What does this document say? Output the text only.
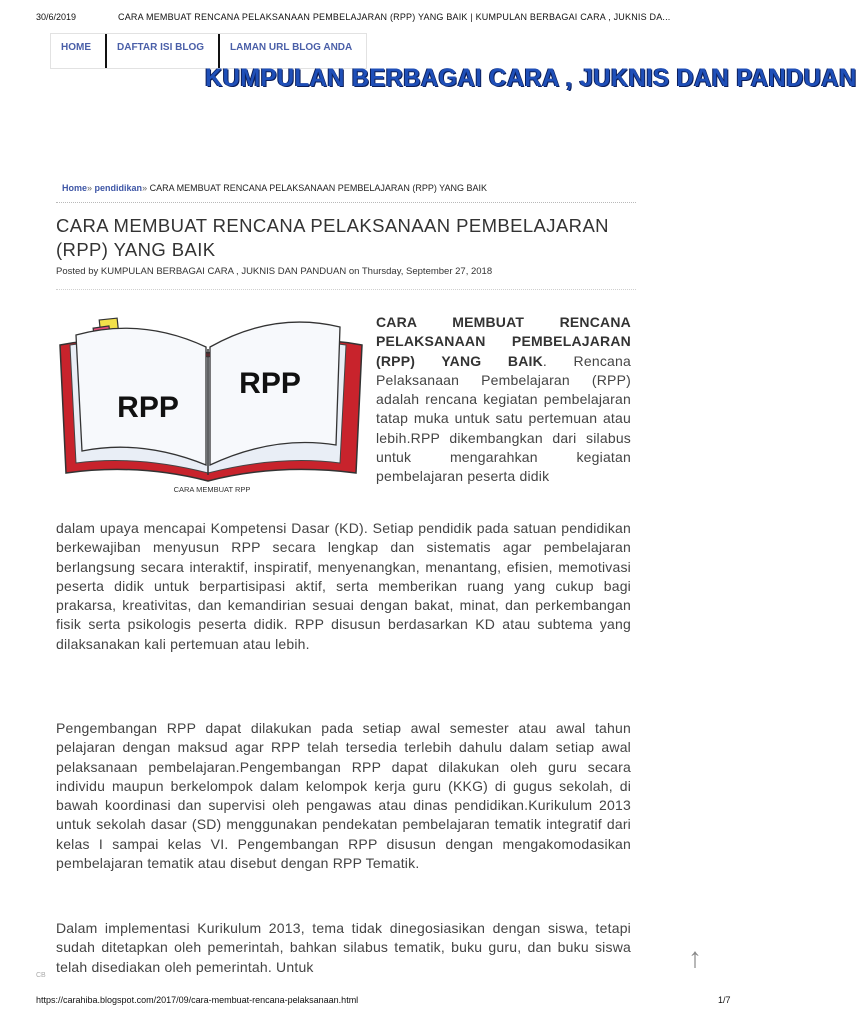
30/6/2019	CARA MEMBUAT RENCANA PELAKSANAAN PEMBELAJARAN (RPP) YANG BAIK | KUMPULAN BERBAGAI CARA , JUKNIS DA...
HOME	DAFTAR ISI BLOG	LAMAN URL BLOG ANDA
KUMPULAN BERBAGAI CARA , JUKNIS DAN PANDUAN
Home» pendidikan» CARA MEMBUAT RENCANA PELAKSANAAN PEMBELAJARAN (RPP) YANG BAIK
CARA MEMBUAT RENCANA PELAKSANAAN PEMBELAJARAN (RPP) YANG BAIK
Posted by KUMPULAN BERBAGAI CARA , JUKNIS DAN PANDUAN on Thursday, September 27, 2018
RPP
RPP
CARA MEMBUAT RPP

CARA MEMBUAT RENCANA PELAKSANAAN PEMBELAJARAN (RPP) YANG BAIK. Rencana Pelaksanaan Pembelajaran (RPP) adalah rencana kegiatan pembelajaran tatap muka untuk satu pertemuan atau lebih.RPP dikembangkan dari silabus untuk mengarahkan kegiatan pembelajaran peserta didik

dalam upaya mencapai Kompetensi Dasar (KD). Setiap pendidik pada satuan pendidikan berkewajiban menyusun RPP secara lengkap dan sistematis agar pembelajaran berlangsung secara interaktif, inspiratif, menyenangkan, menantang, efisien, memotivasi peserta didik untuk berpartisipasi aktif, serta memberikan ruang yang cukup bagi prakarsa, kreativitas, dan kemandirian sesuai dengan bakat, minat, dan perkembangan fisik serta psikologis peserta didik. RPP disusun berdasarkan KD atau subtema yang dilaksanakan kali pertemuan atau lebih.

Pengembangan RPP dapat dilakukan pada setiap awal semester atau awal tahun pelajaran dengan maksud agar RPP telah tersedia terlebih dahulu dalam setiap awal pelaksanaan pembelajaran.Pengembangan RPP dapat dilakukan oleh guru secara individu maupun berkelompok dalam kelompok kerja guru (KKG) di gugus sekolah, di bawah koordinasi dan supervisi oleh pengawas atau dinas pendidikan.Kurikulum 2013 untuk sekolah dasar (SD) menggunakan pendekatan pembelajaran tematik integratif dari kelas I sampai kelas VI. Pengembangan RPP disusun dengan mengakomodasikan pembelajaran tematik atau disebut dengan RPP Tematik.

Dalam implementasi Kurikulum 2013, tema tidak dinegosiasikan dengan siswa, tetapi sudah ditetapkan oleh pemerintah, bahkan silabus tematik, buku guru, dan buku siswa telah disediakan oleh pemerintah. Untuk

CB
↑
https://carahiba.blogspot.com/2017/09/cara-membuat-rencana-pelaksanaan.html	1/7
